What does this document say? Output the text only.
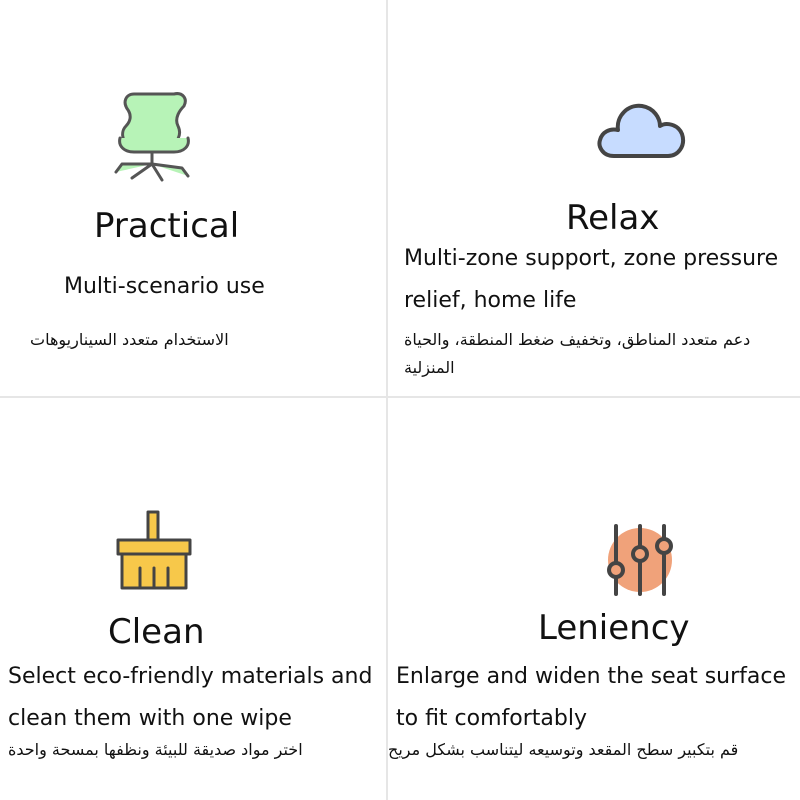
Practical
Multi-scenario use
الاستخدام متعدد السيناريوهات
Relax
Multi-zone support, zone pressure relief, home life
دعم متعدد المناطق، وتخفيف ضغط المنطقة، والحياة المنزلية
Clean
Select eco-friendly materials and clean them with one wipe
اختر مواد صديقة للبيئة ونظفها بمسحة واحدة
Leniency
Enlarge and widen the seat surface to fit comfortably
قم بتكبير سطح المقعد وتوسيعه ليتناسب بشكل مريح
